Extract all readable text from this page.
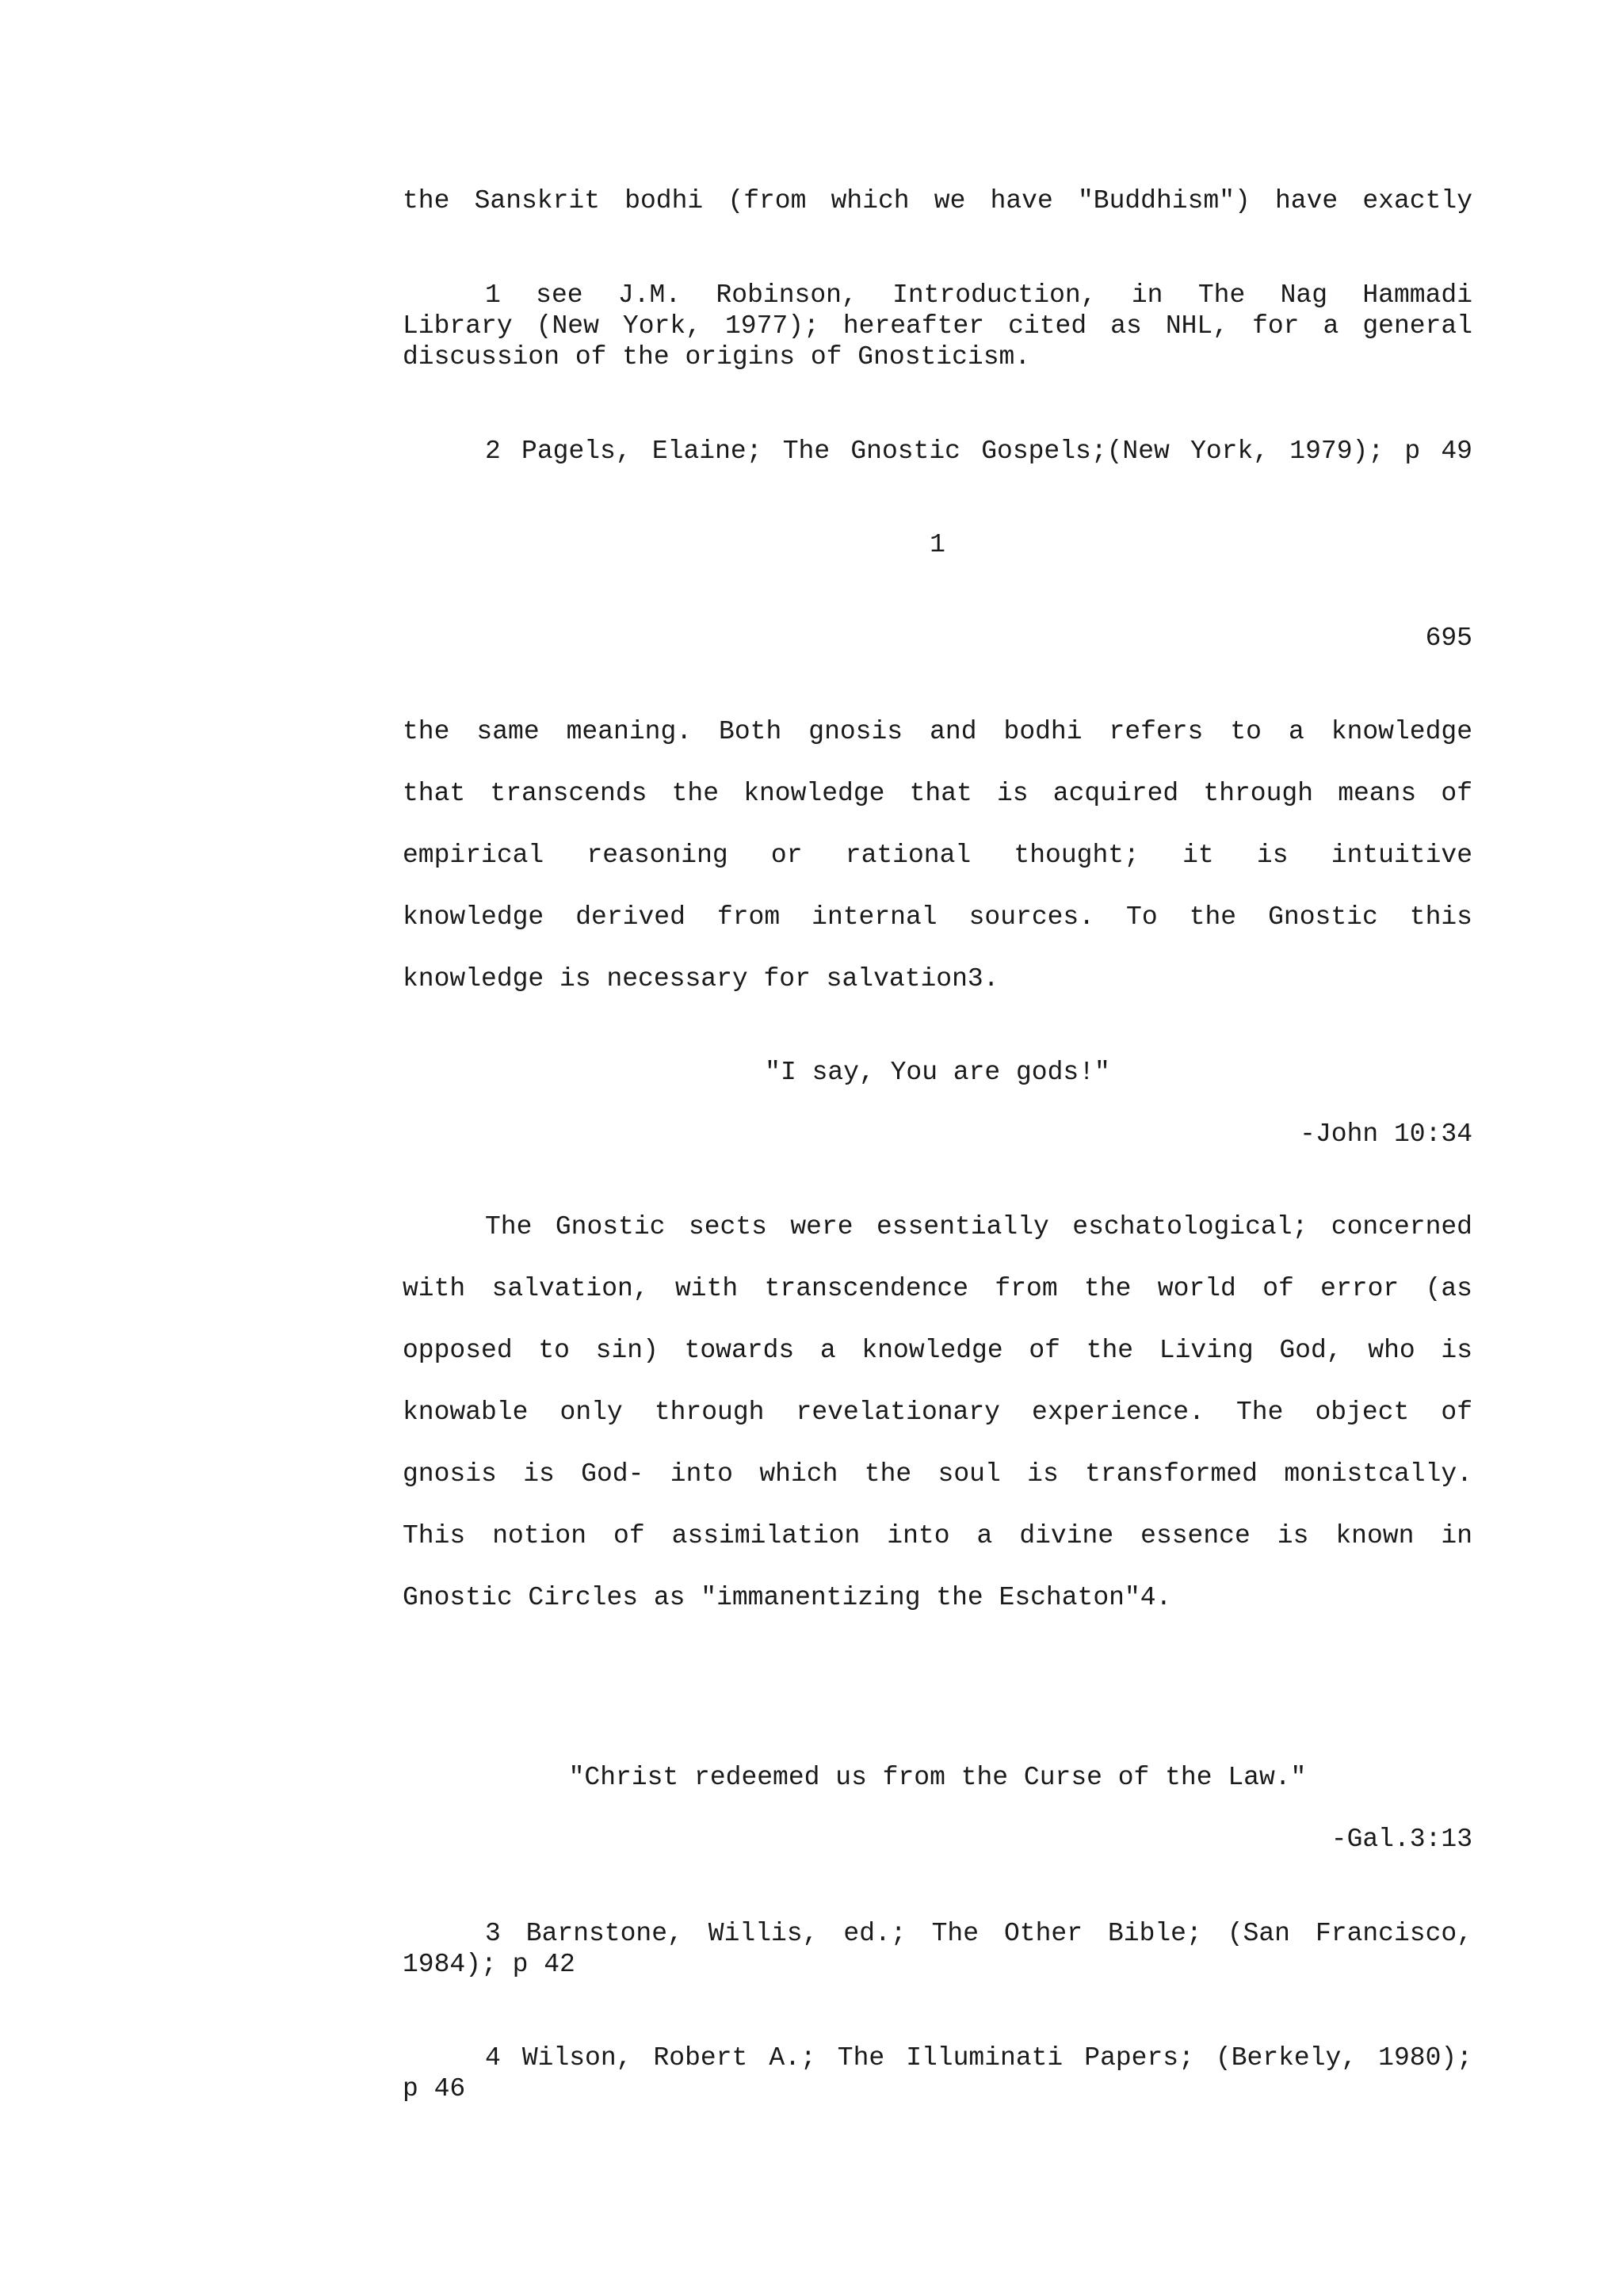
the Sanskrit bodhi (from which we have "Buddhism") have exactly

1 see J.M. Robinson, Introduction, in The Nag Hammadi

Library (New York, 1977); hereafter cited as NHL, for a general

discussion of the origins of Gnosticism.

2 Pagels, Elaine; The Gnostic Gospels;(New York, 1979); p 49

1
695

the same meaning. Both gnosis and bodhi refers to a knowledge

that transcends the knowledge that is acquired through means of

empirical reasoning or rational thought; it is intuitive

knowledge derived from internal sources. To the Gnostic this

knowledge is necessary for salvation3.

"I say, You are gods!"
-John 10:34

The Gnostic sects were essentially eschatological; concerned

with salvation, with transcendence from the world of error (as

opposed to sin) towards a knowledge of the Living God, who is

knowable only through revelationary experience. The object of

gnosis is God- into which the soul is transformed monistcally.

This notion of assimilation into a divine essence is known in

Gnostic Circles as "immanentizing the Eschaton"4.

"Christ redeemed us from the Curse of the Law."
-Gal.3:13

3 Barnstone, Willis, ed.; The Other Bible; (San Francisco,

1984); p 42

4 Wilson, Robert A.; The Illuminati Papers; (Berkely, 1980);

p 46
